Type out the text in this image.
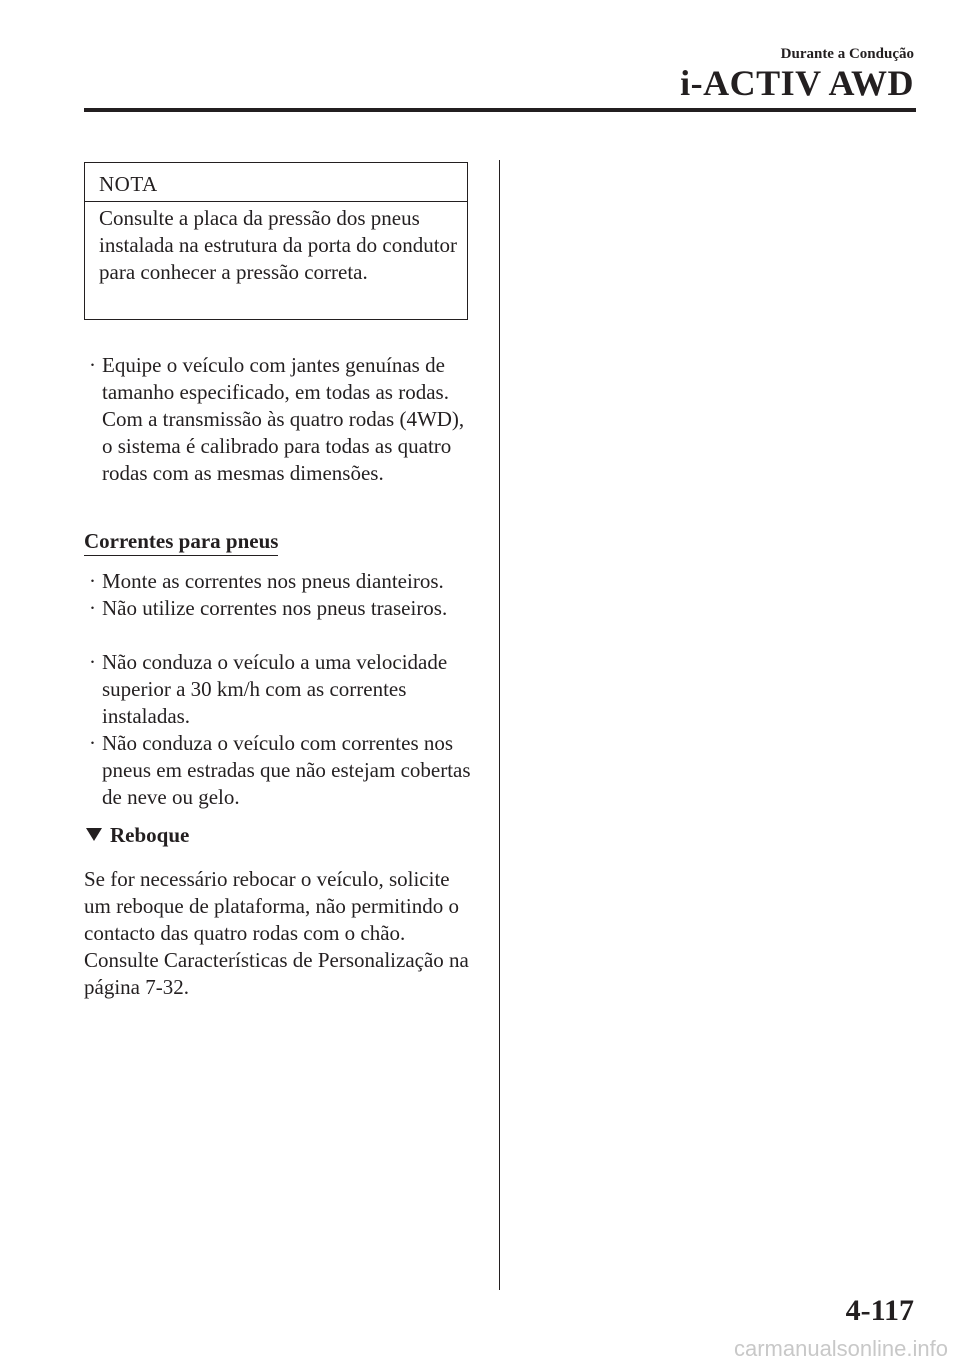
Durante a Condução
i-ACTIV AWD
NOTA
Consulte a placa da pressão dos pneus instalada na estrutura da porta do condutor para conhecer a pressão correta.
· Equipe o veículo com jantes genuínas de tamanho especificado, em todas as rodas. Com a transmissão às quatro rodas (4WD), o sistema é calibrado para todas as quatro rodas com as mesmas dimensões.
Correntes para pneus
· Monte as correntes nos pneus dianteiros.
· Não utilize correntes nos pneus traseiros.
· Não conduza o veículo a uma velocidade superior a 30 km/h com as correntes instaladas.
· Não conduza o veículo com correntes nos pneus em estradas que não estejam cobertas de neve ou gelo.
Reboque
Se for necessário rebocar o veículo, solicite um reboque de plataforma, não permitindo o contacto das quatro rodas com o chão.
Consulte Características de Personalização na página 7-32.
4-117
carmanualsonline.info
